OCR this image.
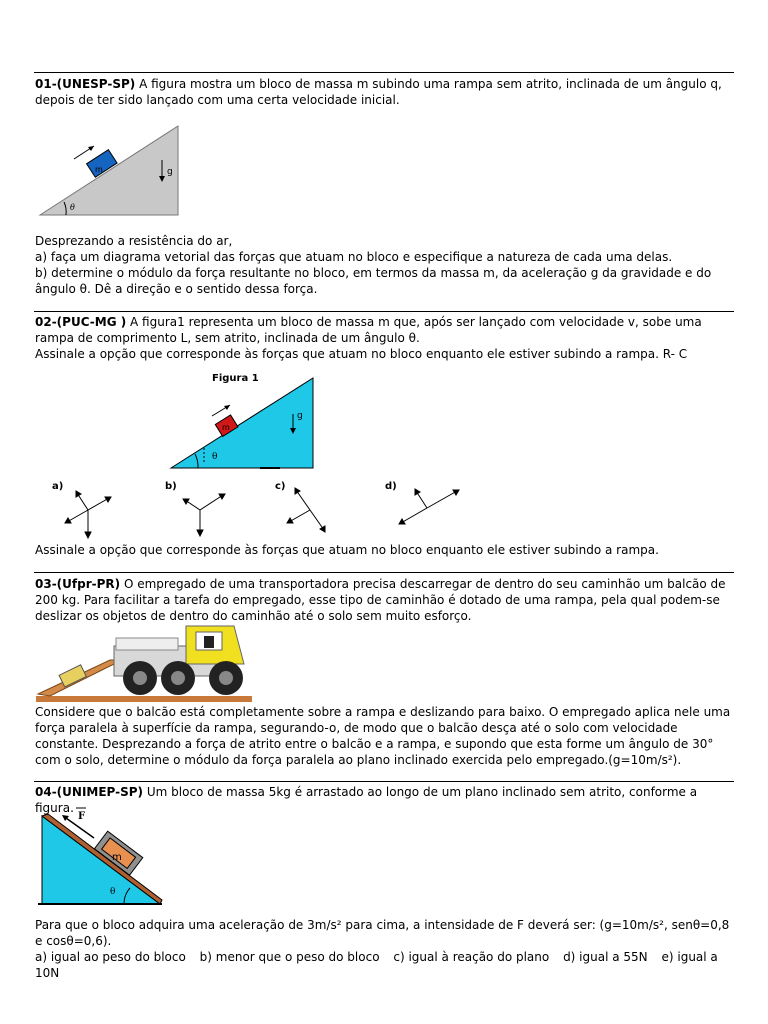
01-(UNESP-SP) A figura mostra um bloco de massa m subindo uma rampa sem atrito, inclinada de um ângulo q, depois de ter sido lançado com uma certa velocidade inicial.

m	g
θ

Desprezando a resistência do ar,
a) faça um diagrama vetorial das forças que atuam no bloco e especifique a natureza de cada uma delas.
b) determine o módulo da força resultante no bloco, em termos da massa m, da aceleração g da gravidade e do ângulo θ. Dê a direção e o sentido dessa força.

02-(PUC-MG ) A figura1 representa um bloco de massa m que, após ser lançado com velocidade v, sobe uma rampa de comprimento L, sem atrito, inclinada de um ângulo θ.
Assinale a opção que corresponde às forças que atuam no bloco enquanto ele estiver subindo a rampa. R- C

Figura 1
m
g
θ
a)	b)	c)	d)

Assinale a opção que corresponde às forças que atuam no bloco enquanto ele estiver subindo a rampa.

03-(Ufpr-PR) O empregado de uma transportadora precisa descarregar de dentro do seu caminhão um balcão de 200 kg. Para facilitar a tarefa do empregado, esse tipo de caminhão é dotado de uma rampa, pela qual podem-se deslizar os objetos de dentro do caminhão até o solo sem muito esforço.

Considere que o balcão está completamente sobre a rampa e deslizando para baixo. O empregado aplica nele uma força paralela à superfície da rampa, segurando-o, de modo que o balcão desça até o solo com velocidade constante. Desprezando a força de atrito entre o balcão e a rampa, e supondo que esta forme um ângulo de 30° com o solo, determine o módulo da força paralela ao plano inclinado exercida pelo empregado.(g=10m/s²).

04-(UNIMEP-SP) Um bloco de massa 5kg é arrastado ao longo de um plano inclinado sem atrito, conforme a figura.

m
F
θ

Para que o bloco adquira uma aceleração de 3m/s² para cima, a intensidade de F deverá ser: (g=10m/s², senθ=0,8 e cosθ=0,6).
a) igual ao peso do bloco b) menor que o peso do bloco c) igual à reação do plano d) igual a 55N e) igual a 10N
